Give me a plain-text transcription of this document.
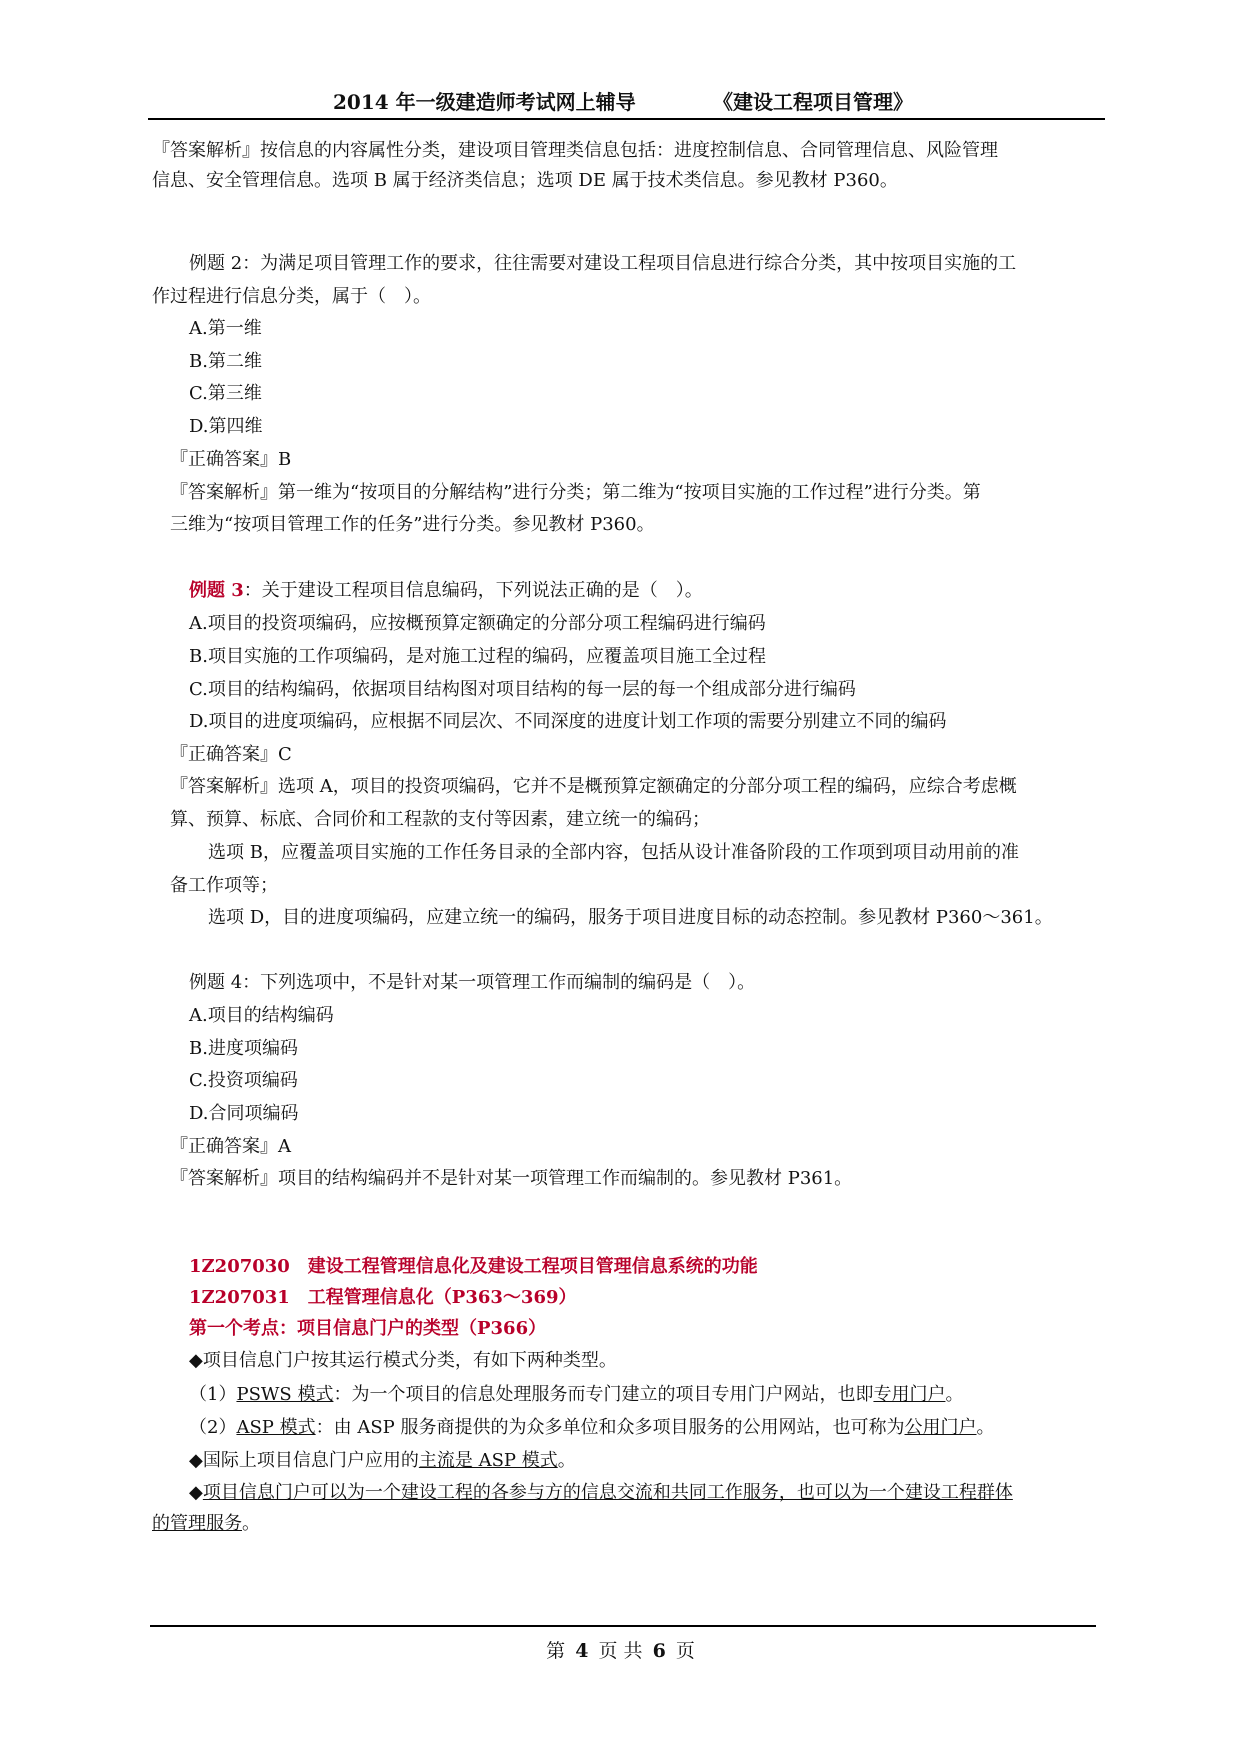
2014 年一级建造师考试网上辅导	《建设工程项目管理》
『答案解析』按信息的内容属性分类，建设项目管理类信息包括：进度控制信息、合同管理信息、风险管理
信息、安全管理信息。选项 B 属于经济类信息；选项 DE 属于技术类信息。参见教材 P360。
例题 2：为满足项目管理工作的要求，往往需要对建设工程项目信息进行综合分类，其中按项目实施的工
作过程进行信息分类，属于（　）。
A.第一维
B.第二维
C.第三维
D.第四维
『正确答案』B
『答案解析』第一维为“按项目的分解结构”进行分类；第二维为“按项目实施的工作过程”进行分类。第
三维为“按项目管理工作的任务”进行分类。参见教材 P360。
例题 3：关于建设工程项目信息编码，下列说法正确的是（　）。
A.项目的投资项编码，应按概预算定额确定的分部分项工程编码进行编码
B.项目实施的工作项编码，是对施工过程的编码，应覆盖项目施工全过程
C.项目的结构编码，依据项目结构图对项目结构的每一层的每一个组成部分进行编码
D.项目的进度项编码，应根据不同层次、不同深度的进度计划工作项的需要分别建立不同的编码
『正确答案』C
『答案解析』选项 A，项目的投资项编码，它并不是概预算定额确定的分部分项工程的编码，应综合考虑概
算、预算、标底、合同价和工程款的支付等因素，建立统一的编码；
选项 B，应覆盖项目实施的工作任务目录的全部内容，包括从设计准备阶段的工作项到项目动用前的准
备工作项等；
选项 D，目的进度项编码，应建立统一的编码，服务于项目进度目标的动态控制。参见教材 P360～361。
例题 4：下列选项中，不是针对某一项管理工作而编制的编码是（　）。
A.项目的结构编码
B.进度项编码
C.投资项编码
D.合同项编码
『正确答案』A
『答案解析』项目的结构编码并不是针对某一项管理工作而编制的。参见教材 P361。
1Z207030　建设工程管理信息化及建设工程项目管理信息系统的功能
1Z207031　工程管理信息化（P363～369）
第一个考点：项目信息门户的类型（P366）
◆项目信息门户按其运行模式分类，有如下两种类型。
（1）PSWS 模式：为一个项目的信息处理服务而专门建立的项目专用门户网站，也即专用门户。
（2）ASP 模式：由 ASP 服务商提供的为众多单位和众多项目服务的公用网站，也可称为公用门户。
◆国际上项目信息门户应用的主流是 ASP 模式。
◆项目信息门户可以为一个建设工程的各参与方的信息交流和共同工作服务，也可以为一个建设工程群体
的管理服务。
第 4 页 共 6 页
